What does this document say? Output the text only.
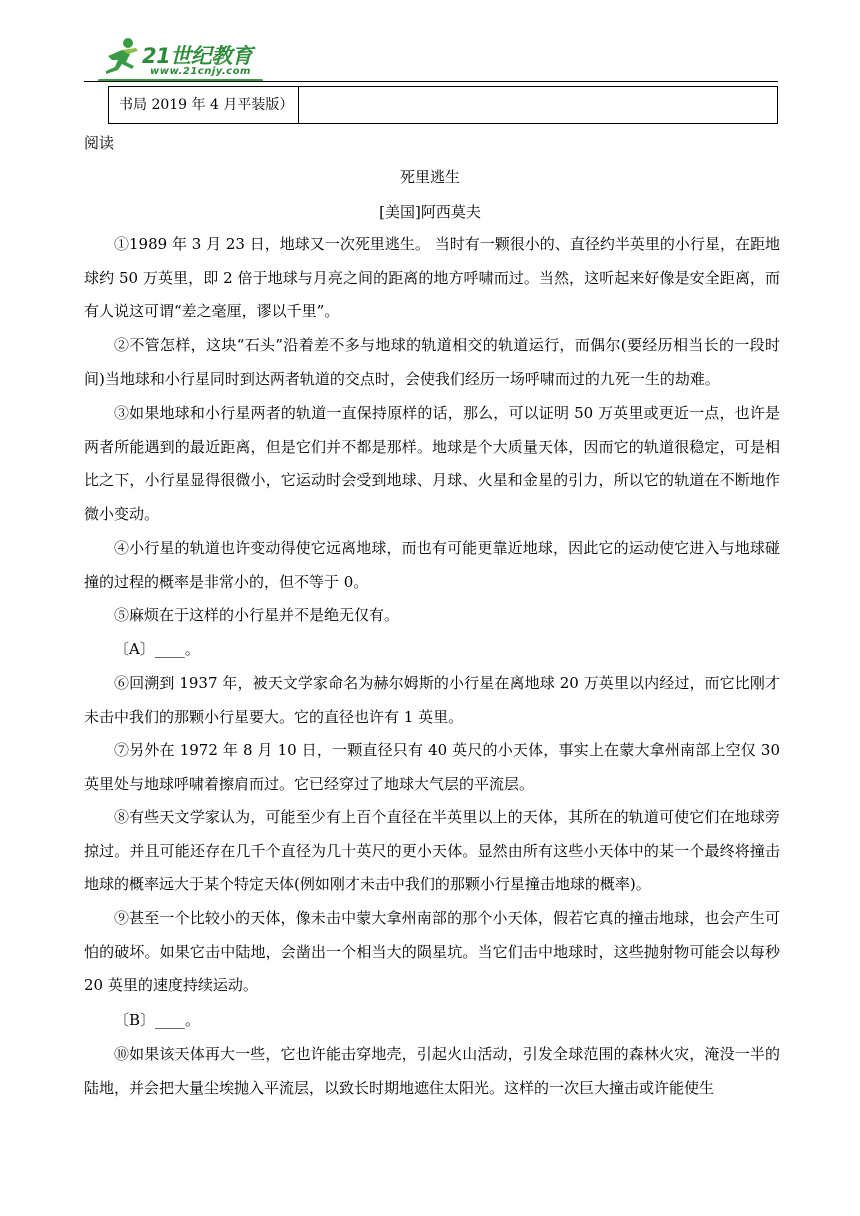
21世纪教育
www.21cnjy.com
书局 2019 年 4 月平装版）
阅读
死里逃生
[美国]阿西莫夫

①1989 年 3 月 23 日，地球又一次死里逃生。 当时有一颗很小的、直径约半英里的小行星，在距地球约 50 万英里，即 2 倍于地球与月亮之间的距离的地方呼啸而过。当然，这听起来好像是安全距离，而有人说这可谓“差之毫厘，谬以千里”。

②不管怎样，这块“石头”沿着差不多与地球的轨道相交的轨道运行，而偶尔(要经历相当长的一段时间)当地球和小行星同时到达两者轨道的交点时，会使我们经历一场呼啸而过的九死一生的劫难。

③如果地球和小行星两者的轨道一直保持原样的话，那么，可以证明 50 万英里或更近一点，也许是两者所能遇到的最近距离，但是它们并不都是那样。地球是个大质量天体，因而它的轨道很稳定，可是相比之下，小行星显得很微小，它运动时会受到地球、月球、火星和金星的引力，所以它的轨道在不断地作微小变动。

④小行星的轨道也许变动得使它远离地球，而也有可能更靠近地球，因此它的运动使它进入与地球碰撞的过程的概率是非常小的，但不等于 0。

⑤麻烦在于这样的小行星并不是绝无仅有。

〔A〕____。

⑥回溯到 1937 年，被天文学家命名为赫尔姆斯的小行星在离地球 20 万英里以内经过，而它比刚才未击中我们的那颗小行星要大。它的直径也许有 1 英里。

⑦另外在 1972 年 8 月 10 日，一颗直径只有 40 英尺的小天体，事实上在蒙大拿州南部上空仅 30 英里处与地球呼啸着擦肩而过。它已经穿过了地球大气层的平流层。

⑧有些天文学家认为，可能至少有上百个直径在半英里以上的天体，其所在的轨道可使它们在地球旁掠过。并且可能还存在几千个直径为几十英尺的更小天体。显然由所有这些小天体中的某一个最终将撞击地球的概率远大于某个特定天体(例如刚才未击中我们的那颗小行星撞击地球的概率)。

⑨甚至一个比较小的天体，像未击中蒙大拿州南部的那个小天体，假若它真的撞击地球，也会产生可怕的破坏。如果它击中陆地，会凿出一个相当大的陨星坑。当它们击中地球时，这些抛射物可能会以每秒 20 英里的速度持续运动。

〔B〕____。

⑩如果该天体再大一些，它也许能击穿地壳，引起火山活动，引发全球范围的森林火灾，淹没一半的陆地，并会把大量尘埃抛入平流层，以致长时期地遮住太阳光。这样的一次巨大撞击或许能使生
